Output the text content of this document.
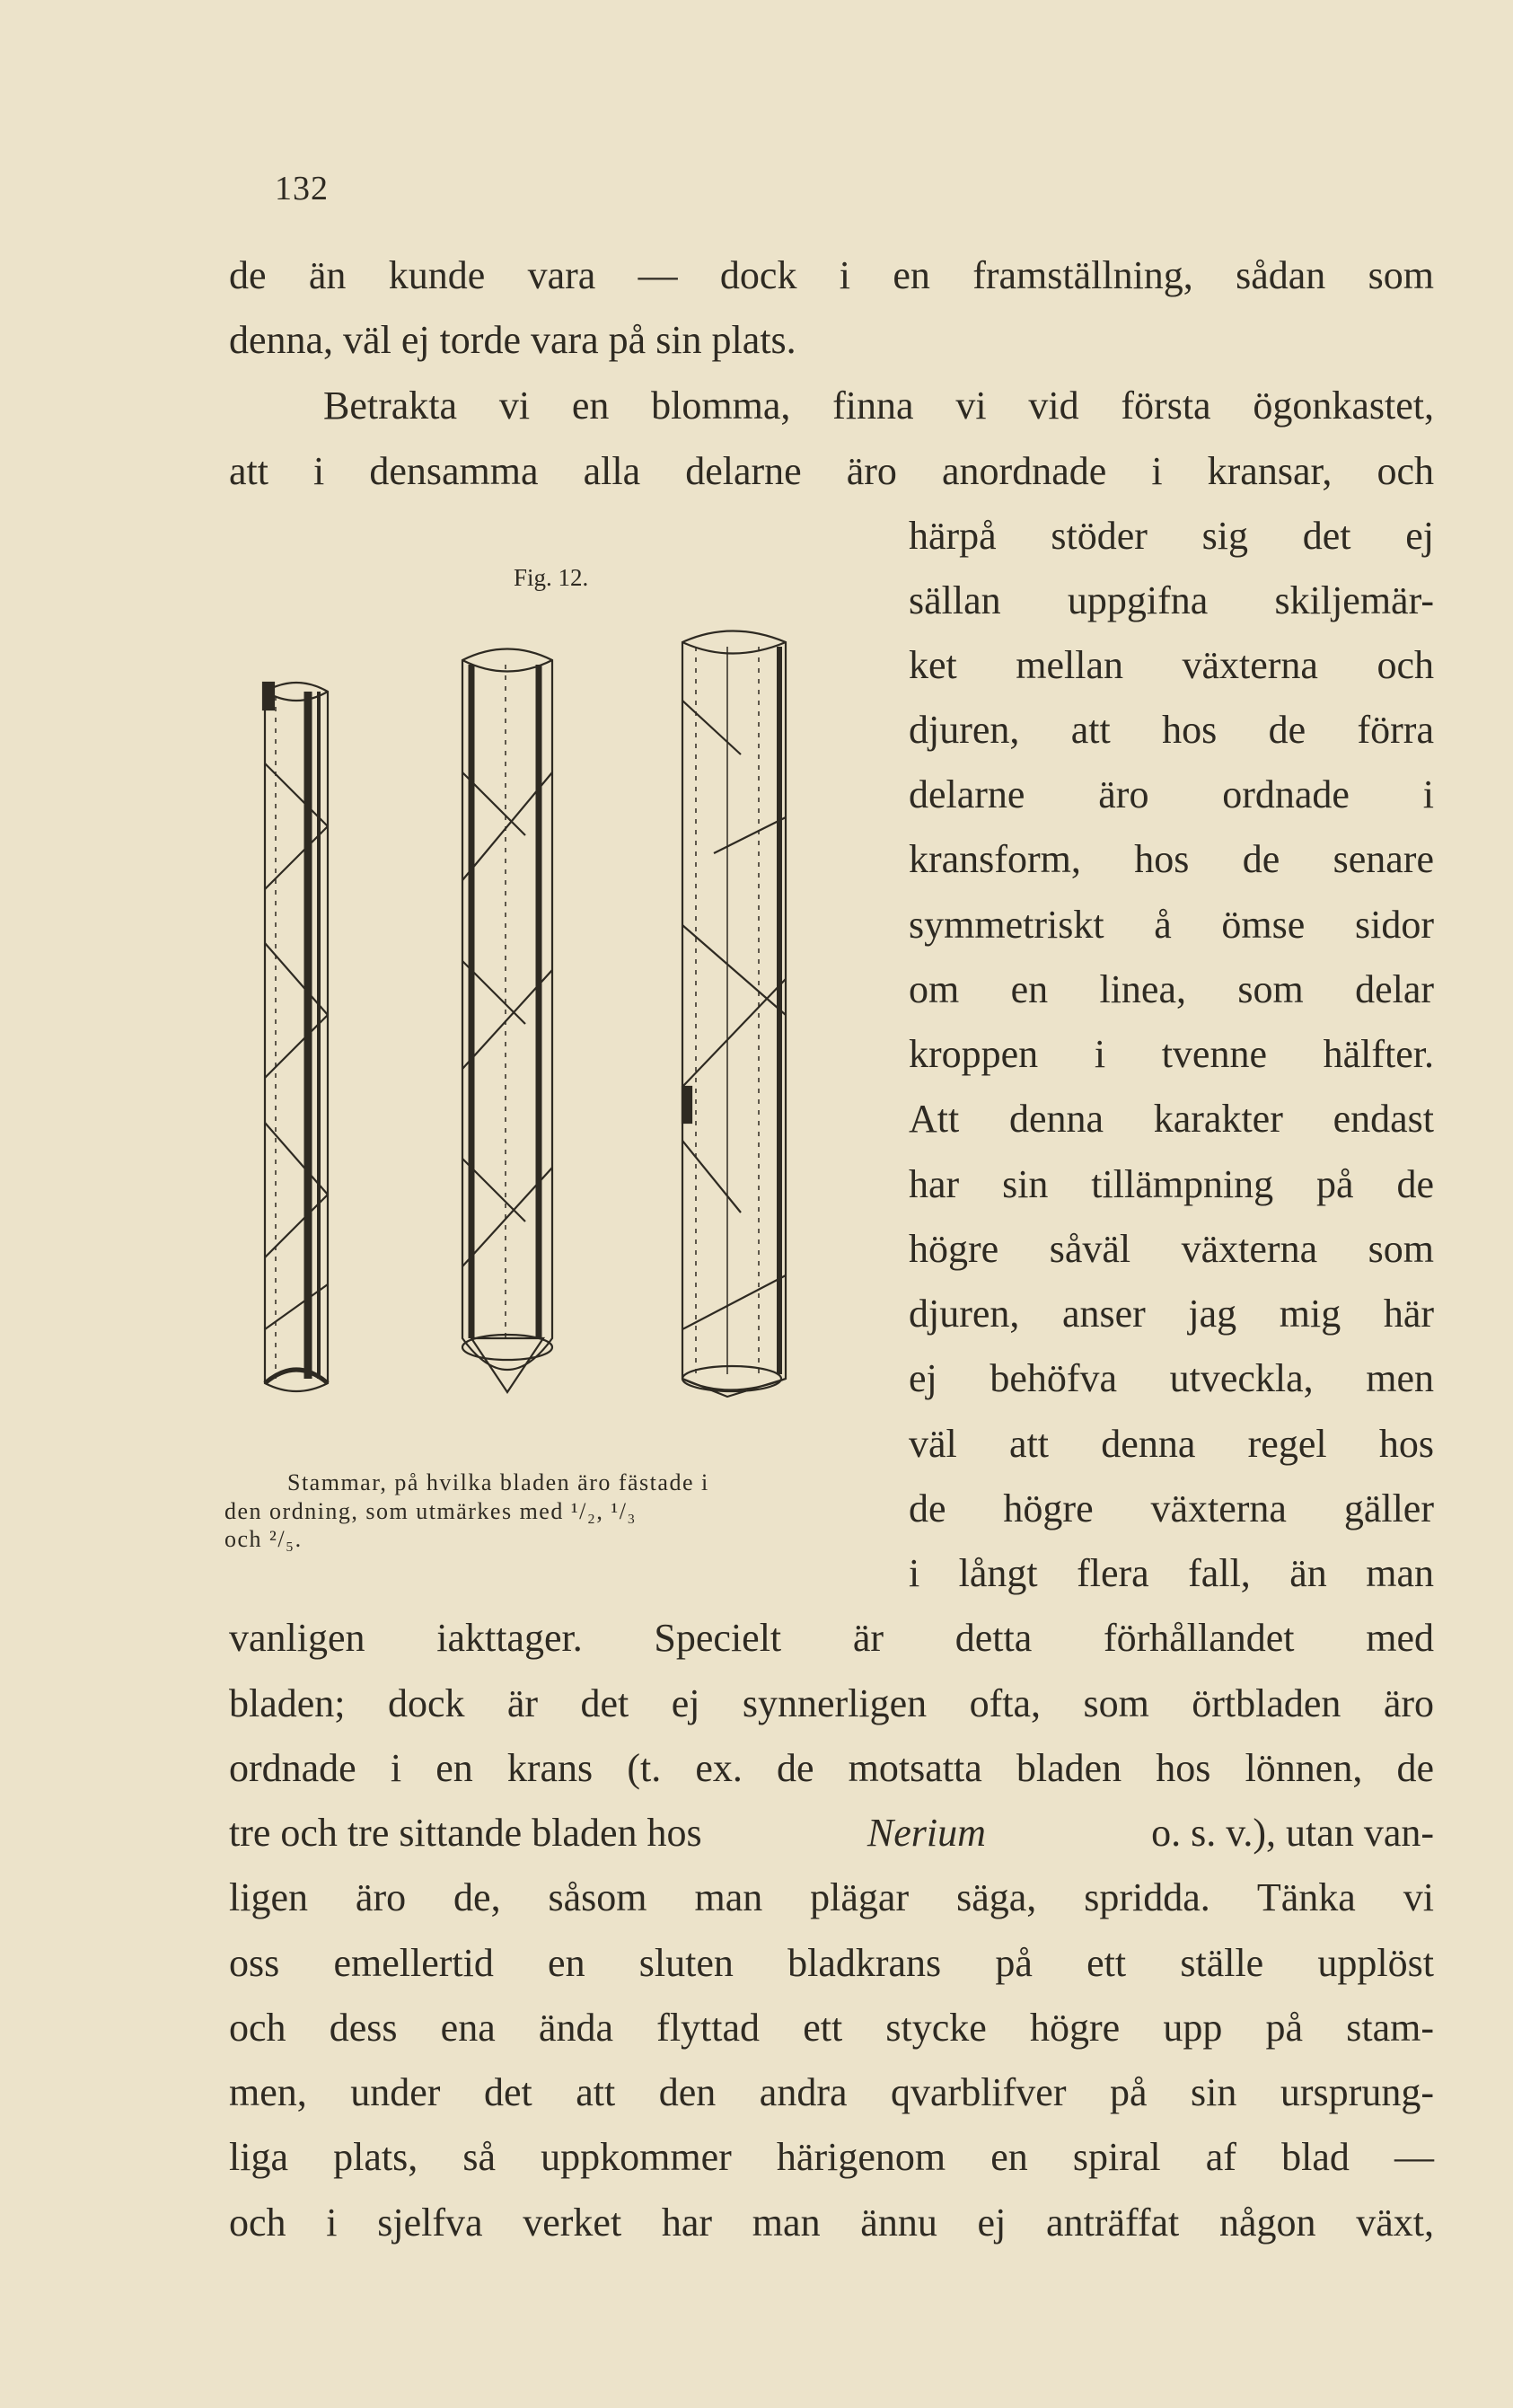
132
de än kunde vara — dock i en framställning, sådan som
denna, väl ej torde vara på sin plats.
Betrakta vi en blomma, finna vi vid första ögonkastet,
att i densamma alla delarne äro anordnade i kransar, och
härpå stöder sig det ej
sällan uppgifna skiljemär-
ket mellan växterna och
djuren, att hos de förra
delarne äro ordnade i
kransform, hos de senare
symmetriskt å ömse sidor
om en linea, som delar
kroppen i tvenne hälfter.
Att denna karakter endast
har sin tillämpning på de
högre såväl växterna som
djuren, anser jag mig här
ej behöfva utveckla, men
väl att denna regel hos
de högre växterna gäller
i långt flera fall, än man
vanligen iakttager. Specielt är detta förhållandet med
bladen; dock är det ej synnerligen ofta, som örtbladen äro
ordnade i en krans (t. ex. de motsatta bladen hos lönnen, de
tre och tre sittande bladen hos	Nerium	o. s. v.), utan van-
ligen äro de, såsom man plägar säga, spridda. Tänka vi
oss emellertid en sluten bladkrans på ett ställe upplöst
och dess ena ända flyttad ett stycke högre upp på stam-
men, under det att den andra qvarblifver på sin ursprung-
liga plats, så uppkommer härigenom en spiral af blad —
och i sjelfva verket har man ännu ej anträffat någon växt,
Fig. 12.
Stammar, på hvilka bladen äro fästade i
den ordning, som utmärkes med ¹/₂, ¹/₃
och ²/₅.
